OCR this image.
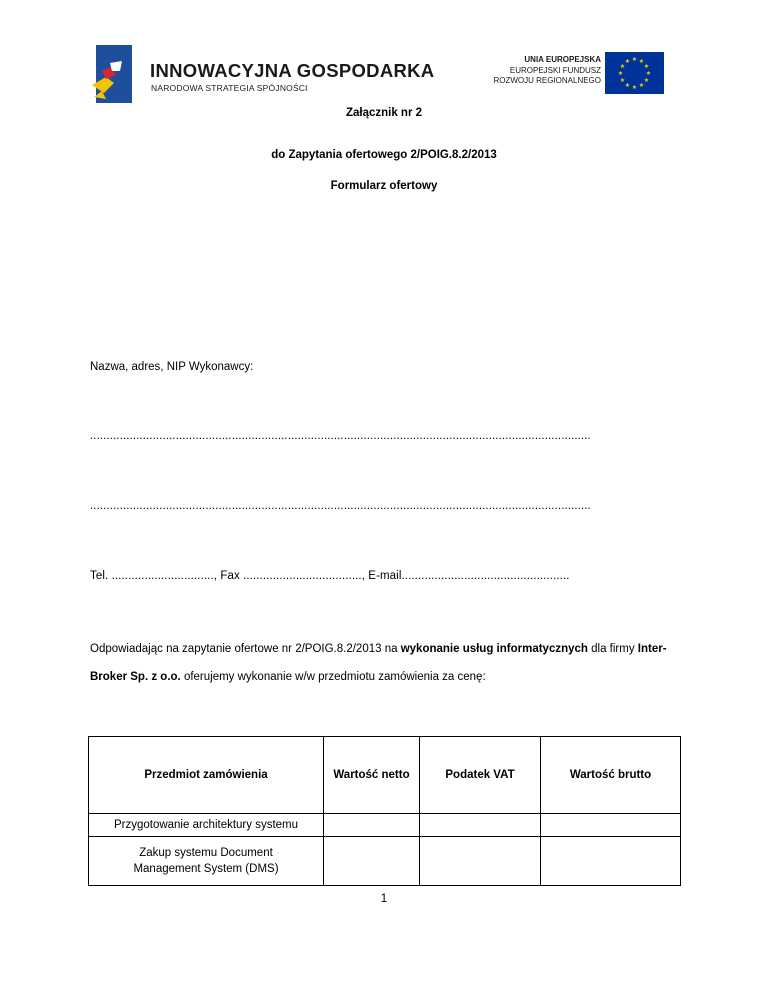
INNOWACYJNA GOSPODARKA
NARODOWA STRATEGIA SPÓJNOŚCI
UNIA EUROPEJSKA
EUROPEJSKI FUNDUSZ
ROZWOJU REGIONALNEGO
★ ★
★
★
★
★
★
★
★
★
★
★
Załącznik nr 2
do Zapytania ofertowego 2/POIG.8.2/2013
Formularz ofertowy
Nazwa, adres, NIP Wykonawcy:
........................................................................................................................................................
........................................................................................................................................................
Tel. ..............................., Fax ...................................., E-mail...................................................
Odpowiadając na zapytanie ofertowe nr 2/POIG.8.2/2013 na wykonanie usług informatycznych dla firmy Inter-Broker Sp. z o.o. oferujemy wykonanie w/w przedmiotu zamówienia za cenę:
Przedmiot zamówienia	Wartość netto	Podatek VAT	Wartość brutto
Przygotowanie architektury systemu			
Zakup systemu Document Management System (DMS)			
1
